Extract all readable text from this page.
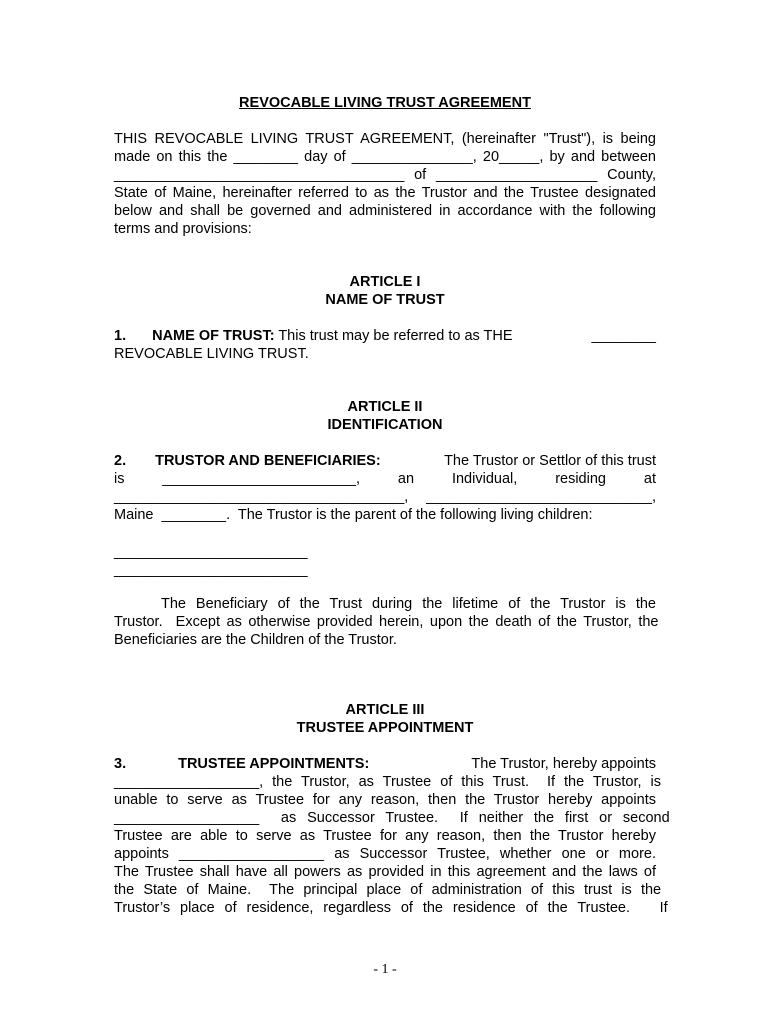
REVOCABLE LIVING TRUST AGREEMENT

THIS REVOCABLE LIVING TRUST AGREEMENT, (hereinafter "Trust"), is being
made on this the ________ day of _______________, 20_____, by and between
____________________________________ of ____________________ County,
State of Maine, hereinafter referred to as the Trustor and the Trustee designated
below and shall be governed and administered in accordance with the following
terms and provisions:

ARTICLE I

NAME OF TRUST

1. NAME OF TRUST: This trust may be referred to as THE	________
REVOCABLE LIVING TRUST.

ARTICLE II

IDENTIFICATION

2. TRUSTOR AND BENEFICIARIES:	The Trustor or Settlor of this trust
is	________________________,	an	Individual,	residing	at
____________________________________, ____________________________,
Maine  ________.  The Trustor is the parent of the following living children:
________________________
________________________
The Beneficiary of the Trust during the lifetime of the Trustor is the
Trustor.  Except as otherwise provided herein, upon the death of the Trustor, the
Beneficiaries are the Children of the Trustor.

ARTICLE III

TRUSTEE APPOINTMENT

3.	TRUSTEE APPOINTMENTS:	The Trustor, hereby appoints
__________________, the Trustor, as Trustee of this Trust.  If the Trustor, is
unable to serve as Trustee for any reason, then the Trustor hereby appoints
__________________  as Successor Trustee.  If neither the first or second
Trustee are able to serve as Trustee for any reason, then the Trustor hereby
appoints __________________ as Successor Trustee, whether one or more.
The Trustee shall have all powers as provided in this agreement and the laws of
the State of Maine.  The principal place of administration of this trust is the
Trustor’s place of residence, regardless of the residence of the Trustee.   If
- 1 -
